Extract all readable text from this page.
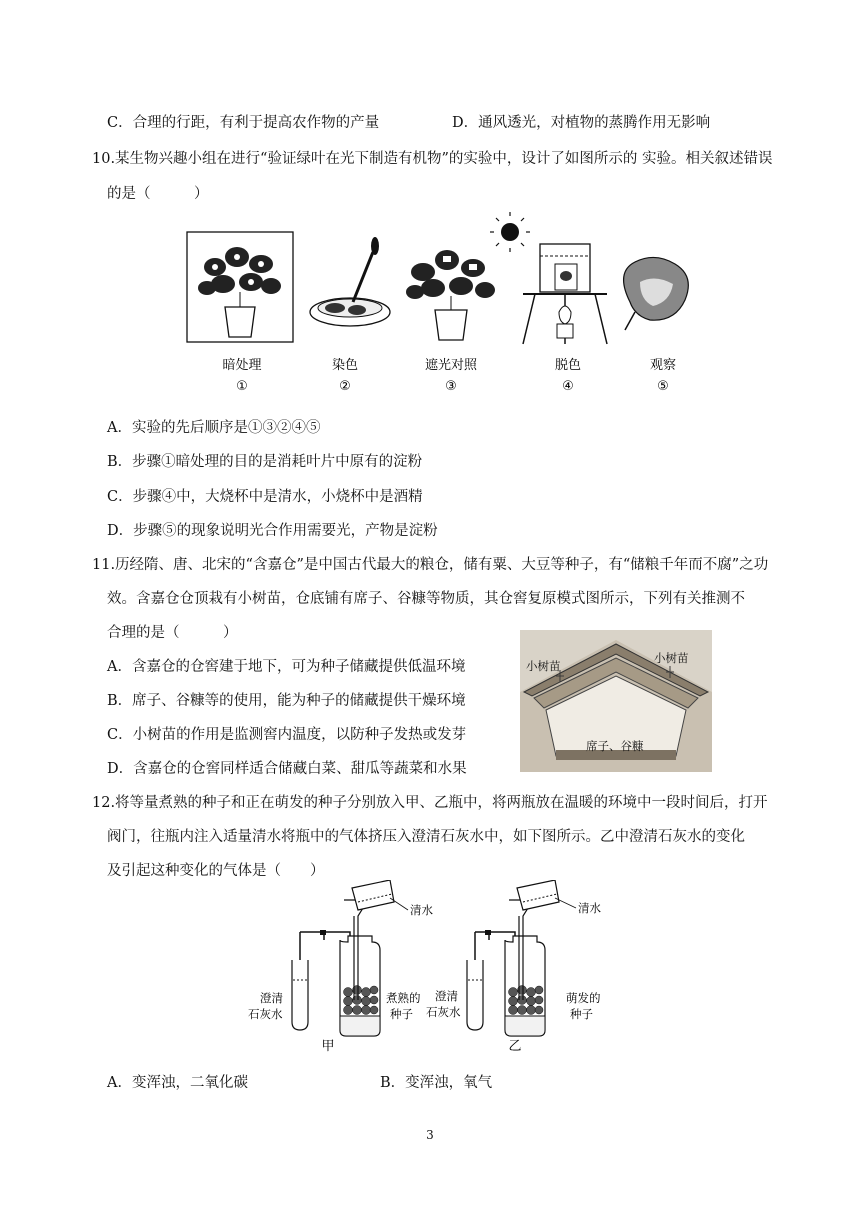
C．合理的行距，有利于提高农作物的产量	D．通风透光，对植物的蒸腾作用无影响
10.某生物兴趣小组在进行“验证绿叶在光下制造有机物”的实验中，设计了如图所示的 实验。相关叙述错误
的是（　　　）
暗处理
①
染色
②
遮光对照
③
脱色
④
观察
⑤
A．实验的先后顺序是①③②④⑤
B．步骤①暗处理的目的是消耗叶片中原有的淀粉
C．步骤④中，大烧杯中是清水，小烧杯中是酒精
D．步骤⑤的现象说明光合作用需要光，产物是淀粉
11.历经隋、唐、北宋的“含嘉仓”是中国古代最大的粮仓，储有粟、大豆等种子，有“储粮千年而不腐”之功
效。含嘉仓仓顶栽有小树苗，仓底铺有席子、谷糠等物质，其仓窖复原模式图所示，下列有关推测不
合理的是（　　　）
A．含嘉仓的仓窖建于地下，可为种子储藏提供低温环境
B．席子、谷糠等的使用，能为种子的储藏提供干燥环境
C．小树苗的作用是监测窖内温度，以防种子发热或发芽
D．含嘉仓的仓窖同样适合储藏白菜、甜瓜等蔬菜和水果
小树苗
小树苗
席子、谷糠
12.将等量煮熟的种子和正在萌发的种子分别放入甲、乙瓶中，将两瓶放在温暖的环境中一段时间后，打开
阀门，往瓶内注入适量清水将瓶中的气体挤压入澄清石灰水中，如下图所示。乙中澄清石灰水的变化
及引起这种变化的气体是（　　）
清水
澄清
石灰水
煮熟的
种子
甲
清水
澄清
石灰水
萌发的
种子
乙
A．变浑浊，二氧化碳	B．变浑浊，氧气
3
